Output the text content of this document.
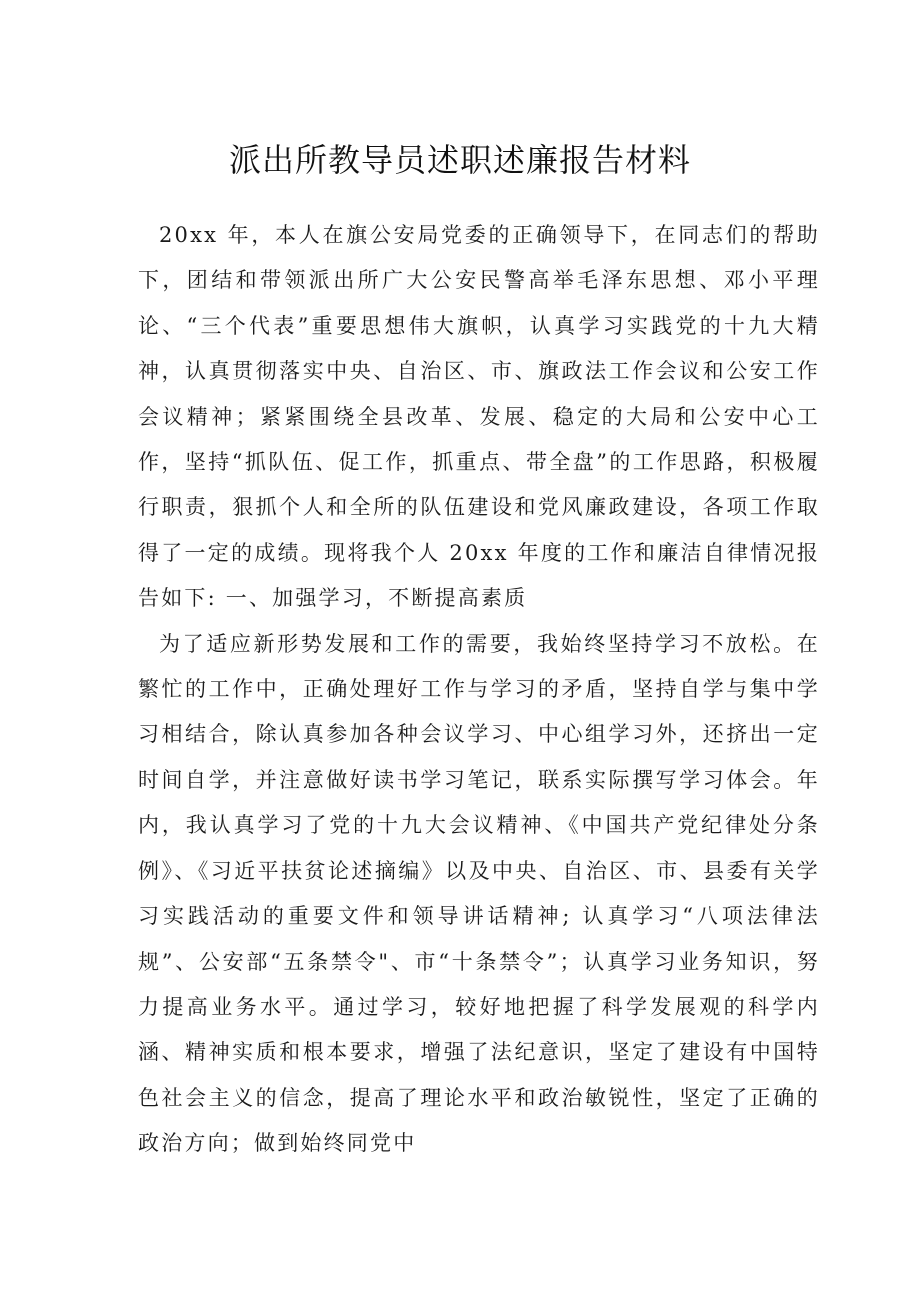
派出所教导员述职述廉报告材料

20xx 年，本人在旗公安局党委的正确领导下，在同志们的帮助下，团结和带领派出所广大公安民警高举毛泽东思想、邓小平理论、“三个代表”重要思想伟大旗帜，认真学习实践党的十九大精神，认真贯彻落实中央、自治区、市、旗政法工作会议和公安工作会议精神；紧紧围绕全县改革、发展、稳定的大局和公安中心工作，坚持“抓队伍、促工作，抓重点、带全盘”的工作思路，积极履行职责，狠抓个人和全所的队伍建设和党风廉政建设，各项工作取得了一定的成绩。现将我个人 20xx 年度的工作和廉洁自律情况报告如下: 一、加强学习，不断提高素质

为了适应新形势发展和工作的需要，我始终坚持学习不放松。在繁忙的工作中，正确处理好工作与学习的矛盾，坚持自学与集中学习相结合，除认真参加各种会议学习、中心组学习外，还挤出一定时间自学，并注意做好读书学习笔记，联系实际撰写学习体会。年内，我认真学习了党的十九大会议精神、《中国共产党纪律处分条例》、《习近平扶贫论述摘编》以及中央、自治区、市、县委有关学习实践活动的重要文件和领导讲话精神; 认真学习“八项法律法规”、公安部“五条禁令"、市“十条禁令”；认真学习业务知识，努力提高业务水平。通过学习，较好地把握了科学发展观的科学内涵、精神实质和根本要求，增强了法纪意识，坚定了建设有中国特色社会主义的信念，提高了理论水平和政治敏锐性，坚定了正确的政治方向；做到始终同党中
